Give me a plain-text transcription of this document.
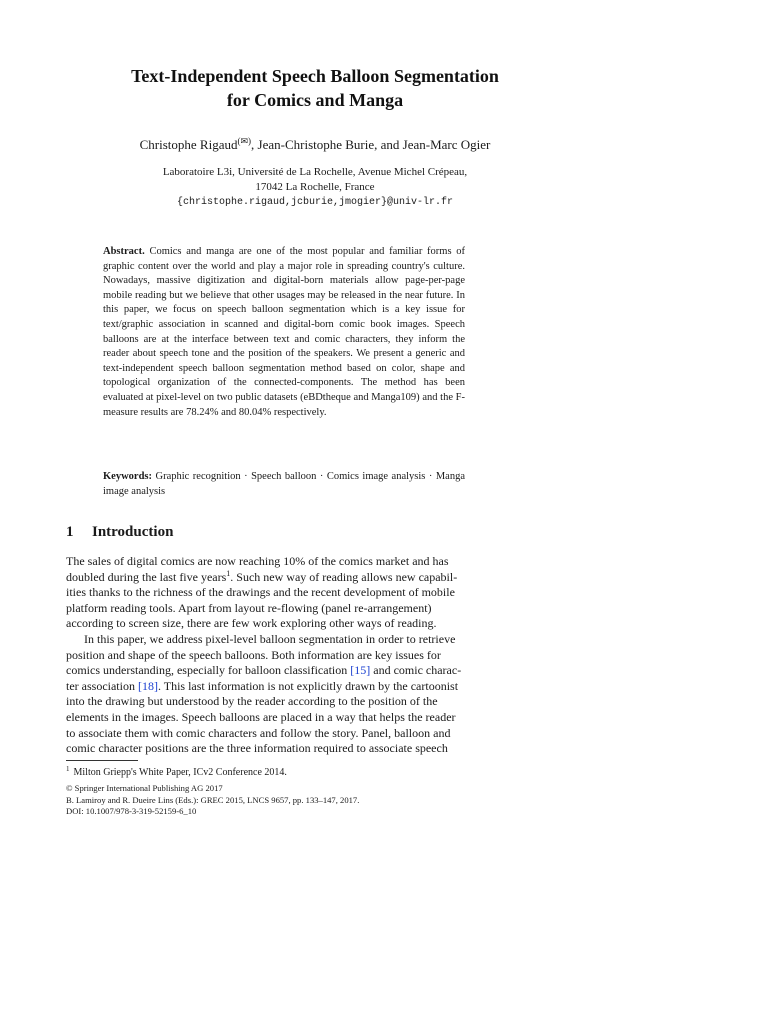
Text-Independent Speech Balloon Segmentation
for Comics and Manga
Christophe Rigaud(✉), Jean-Christophe Burie, and Jean-Marc Ogier
Laboratoire L3i, Université de La Rochelle, Avenue Michel Crépeau,
17042 La Rochelle, France
{christophe.rigaud,jcburie,jmogier}@univ-lr.fr
Abstract. Comics and manga are one of the most popular and familiar forms of graphic content over the world and play a major role in spreading country's culture. Nowadays, massive digitization and digital-born materials allow page-per-page mobile reading but we believe that other usages may be released in the near future. In this paper, we focus on speech balloon segmentation which is a key issue for text/graphic association in scanned and digital-born comic book images. Speech balloons are at the interface between text and comic characters, they inform the reader about speech tone and the position of the speakers. We present a generic and text-independent speech balloon segmentation method based on color, shape and topological organization of the connected-components. The method has been evaluated at pixel-level on two public datasets (eBDtheque and Manga109) and the F-measure results are 78.24% and 80.04% respectively.
Keywords: Graphic recognition · Speech balloon · Comics image analysis · Manga image analysis
1 Introduction
The sales of digital comics are now reaching 10% of the comics market and has
doubled during the last five years$^1$. Such new way of reading allows new capabil-
ities thanks to the richness of the drawings and the recent development of mobile
platform reading tools. Apart from layout re-flowing (panel re-arrangement)
according to screen size, there are few work exploring other ways of reading.
In this paper, we address pixel-level balloon segmentation in order to retrieve
position and shape of the speech balloons. Both information are key issues for
comics understanding, especially for balloon classification [15] and comic charac-
ter association [18]. This last information is not explicitly drawn by the cartoonist
into the drawing but understood by the reader according to the position of the
elements in the images. Speech balloons are placed in a way that helps the reader
to associate them with comic characters and follow the story. Panel, balloon and
comic character positions are the three information required to associate speech
$^1$ Milton Griepp's White Paper, ICv2 Conference 2014.
© Springer International Publishing AG 2017
B. Lamiroy and R. Dueire Lins (Eds.): GREC 2015, LNCS 9657, pp. 133–147, 2017.
DOI: 10.1007/978-3-319-52159-6_10
